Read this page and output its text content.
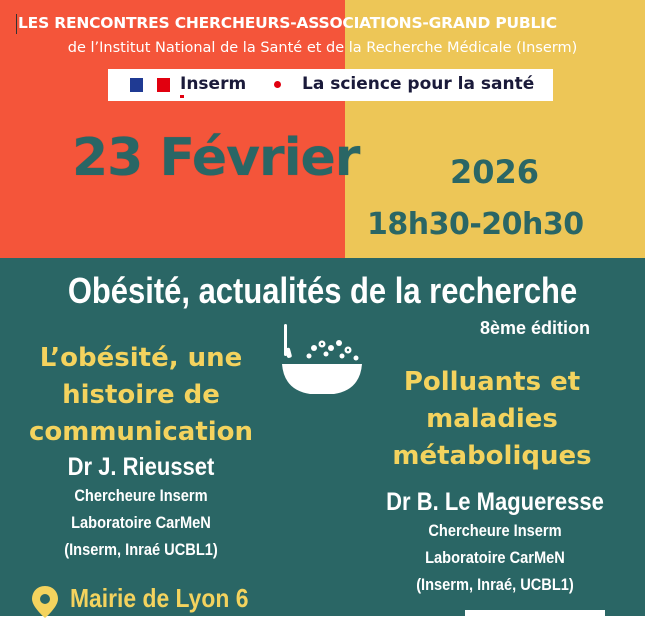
LES RENCONTRES CHERCHEURS-ASSOCIATIONS-GRAND PUBLIC
de l’Institut National de la Santé et de la Recherche Médicale (Inserm)
Inserm	La science pour la santé
23 Février	2026
18h30-20h30
Obésité, actualités de la recherche
8ème édition
L’obésité, une
histoire de
communication
Dr J. Rieusset
Chercheure Inserm
Laboratoire CarMeN
(Inserm, Inraé UCBL1)
Polluants et
maladies
métaboliques
Dr B. Le Magueresse
Chercheure Inserm
Laboratoire CarMeN
(Inserm, Inraé, UCBL1)
Mairie de Lyon 6
